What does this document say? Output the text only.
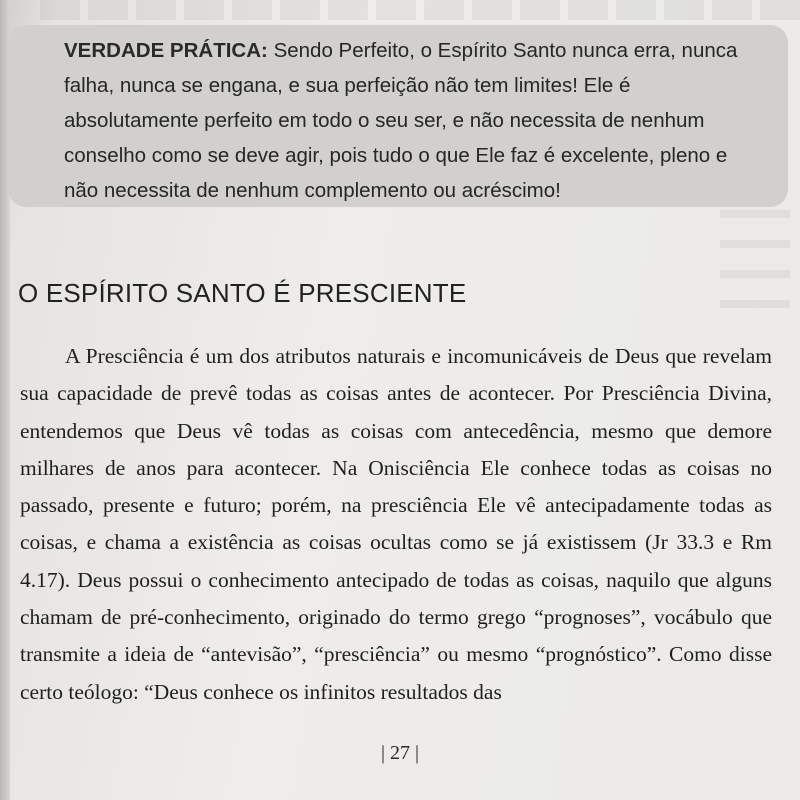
VERDADE PRÁTICA: Sendo Perfeito, o Espírito Santo nunca erra, nunca falha, nunca se engana, e sua perfeição não tem limites! Ele é absolutamente perfeito em todo o seu ser, e não necessita de nenhum conselho como se deve agir, pois tudo o que Ele faz é excelente, pleno e não necessita de nenhum complemento ou acréscimo!

O ESPÍRITO SANTO É PRESCIENTE

A Presciência é um dos atributos naturais e incomunicáveis de Deus que revelam sua capacidade de prevê todas as coisas antes de acontecer. Por Presciência Divina, entendemos que Deus vê todas as coisas com antecedência, mesmo que demore milhares de anos para acontecer. Na Onisciência Ele conhece todas as coisas no passado, presente e futuro; porém, na presciência Ele vê antecipadamente todas as coisas, e chama a existência as coisas ocultas como se já existissem (Jr 33.3 e Rm 4.17). Deus possui o conhecimento antecipado de todas as coisas, naquilo que alguns chamam de pré-conhecimento, originado do termo grego “prognoses”, vocábulo que transmite a ideia de “antevisão”, “presciência” ou mesmo “prognóstico”. Como disse certo teólogo: “Deus conhece os infinitos resultados das

| 27 |
